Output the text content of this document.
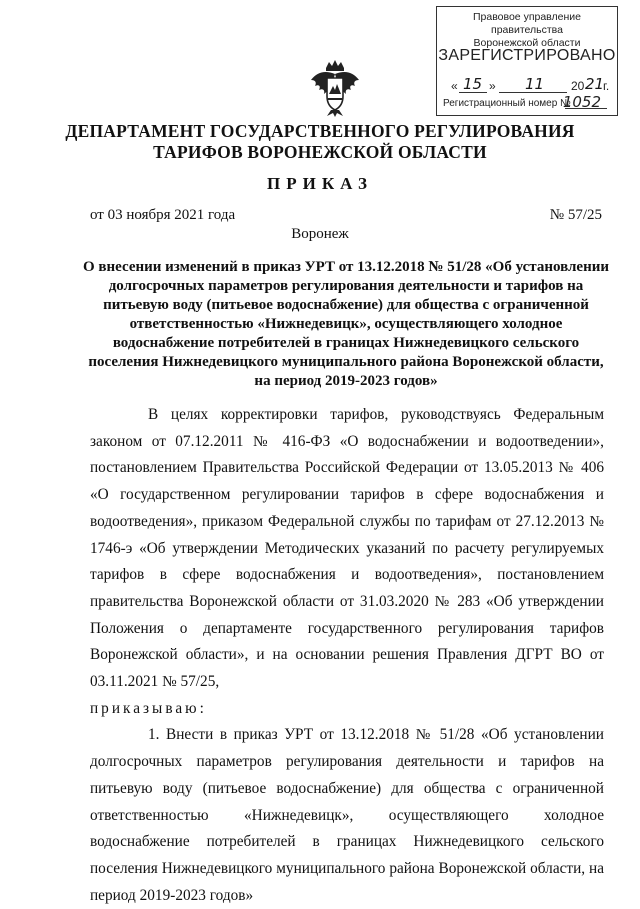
Правовое управление правительства
Воронежской области
ЗАРЕГИСТРИРОВАНО
« 15 » 11 20 21
г.
Регистрационный номер №
1052
ДЕПАРТАМЕНТ ГОСУДАРСТВЕННОГО РЕГУЛИРОВАНИЯ ТАРИФОВ ВОРОНЕЖСКОЙ ОБЛАСТИ
ПРИКАЗ
от 03 ноября 2021 года	№ 57/25
Воронеж
О внесении изменений в приказ УРТ от 13.12.2018 № 51/28 «Об установлении долгосрочных параметров регулирования деятельности и тарифов на питьевую воду (питьевое водоснабжение) для общества с ограниченной ответственностью «Нижнедевицк», осуществляющего холодное водоснабжение потребителей в границах Нижнедевицкого сельского поселения Нижнедевицкого муниципального района Воронежской области, на период 2019-2023 годов»

В целях корректировки тарифов, руководствуясь Федеральным законом от 07.12.2011 № 416-ФЗ «О водоснабжении и водоотведении», постановлением Правительства Российской Федерации от 13.05.2013 № 406 «О государственном регулировании тарифов в сфере водоснабжения и водоотведения», приказом Федеральной службы по тарифам от 27.12.2013 № 1746-э «Об утверждении Методических указаний по расчету регулируемых тарифов в сфере водоснабжения и водоотведения», постановлением правительства Воронежской области от 31.03.2020 № 283 «Об утверждении Положения о департаменте государственного регулирования тарифов Воронежской области», и на основании решения Правления ДГРТ ВО от 03.11.2021 № 57/25,

приказываю:

1. Внести в приказ УРТ от 13.12.2018 № 51/28 «Об установлении долгосрочных параметров регулирования деятельности и тарифов на питьевую воду (питьевое водоснабжение) для общества с ограниченной ответственностью «Нижнедевицк», осуществляющего холодное водоснабжение потребителей в границах Нижнедевицкого сельского поселения Нижнедевицкого муниципального района Воронежской области, на период 2019-2023 годов»
